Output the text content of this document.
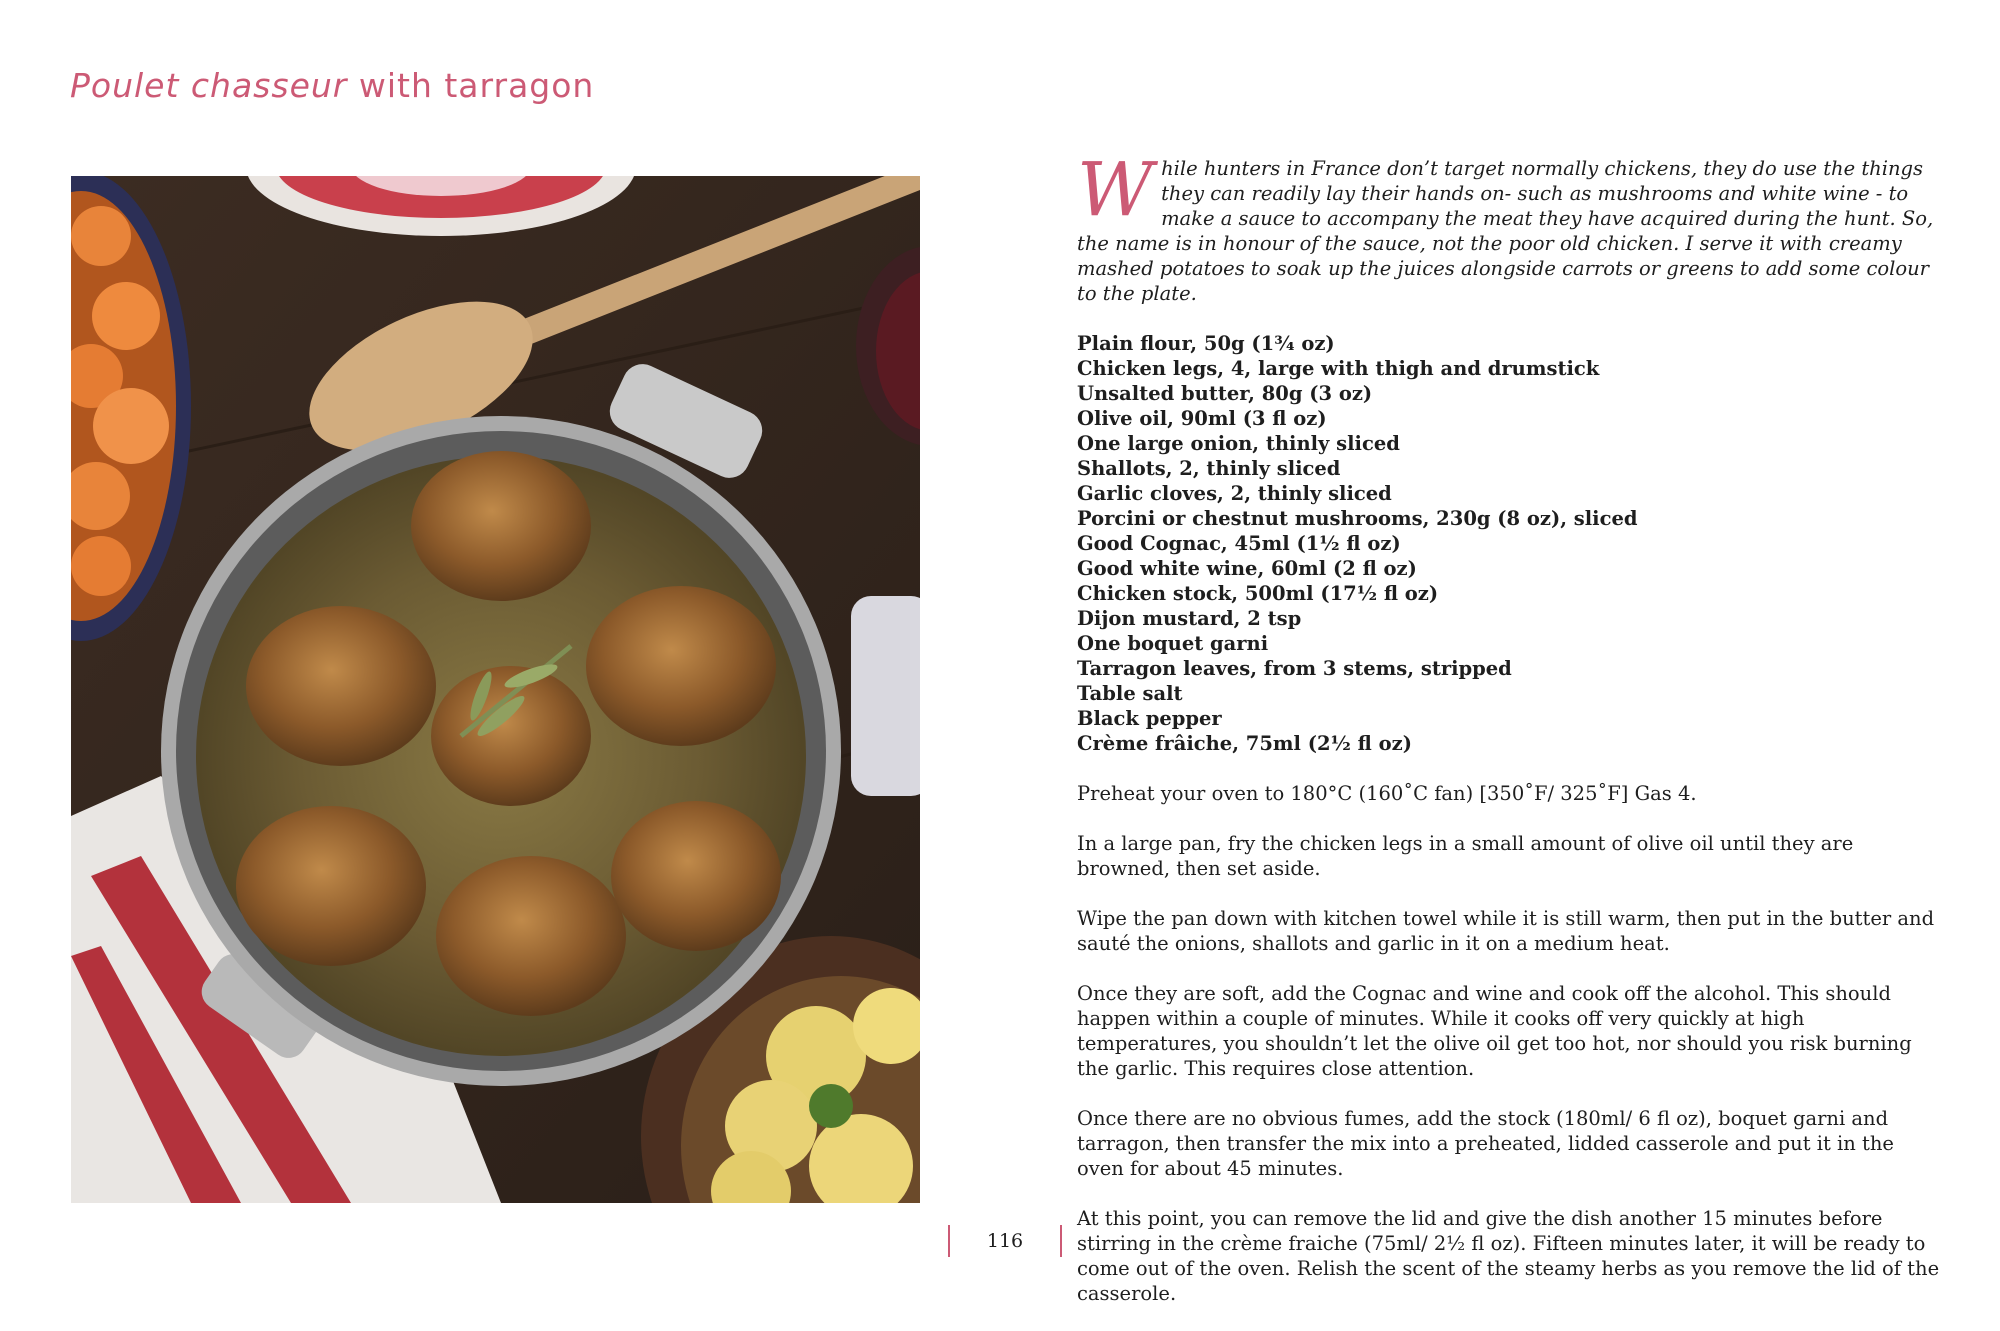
Poulet chasseur with tarragon

While hunters in France don’t target normally chickens, they do use the things they can readily lay their hands on- such as mushrooms and white wine - to make a sauce to accompany the meat they have acquired during the hunt. So, the name is in honour of the sauce, not the poor old chicken. I serve it with creamy mashed potatoes to soak up the juices alongside carrots or greens to add some colour to the plate.

Plain flour, 50g (1¾ oz)
Chicken legs, 4, large with thigh and drumstick
Unsalted butter, 80g (3 oz)
Olive oil, 90ml (3 fl oz)
One large onion, thinly sliced
Shallots, 2, thinly sliced
Garlic cloves, 2, thinly sliced
Porcini or chestnut mushrooms, 230g (8 oz), sliced
Good Cognac, 45ml (1½ fl oz)
Good white wine, 60ml (2 fl oz)
Chicken stock, 500ml (17½ fl oz)
Dijon mustard, 2 tsp
One boquet garni
Tarragon leaves, from 3 stems, stripped
Table salt
Black pepper
Crème frâiche, 75ml (2½ fl oz)

Preheat your oven to 180°C (160˚C fan) [350˚F/ 325˚F] Gas 4.

In a large pan, fry the chicken legs in a small amount of olive oil until they are browned, then set aside.

Wipe the pan down with kitchen towel while it is still warm, then put in the butter and sauté the onions, shallots and garlic in it on a medium heat.

Once they are soft, add the Cognac and wine and cook off the alcohol. This should happen within a couple of minutes. While it cooks off very quickly at high temperatures, you shouldn’t let the olive oil get too hot, nor should you risk burning the garlic. This requires close attention.

Once there are no obvious fumes, add the stock (180ml/ 6 fl oz), boquet garni and tarragon, then transfer the mix into a preheated, lidded casserole and put it in the oven for about 45 minutes.

At this point, you can remove the lid and give the dish another 15 minutes before stirring in the crème fraiche (75ml/ 2½ fl oz). Fifteen minutes later, it will be ready to come out of the oven. Relish the scent of the steamy herbs as you remove the lid of the casserole.

116
